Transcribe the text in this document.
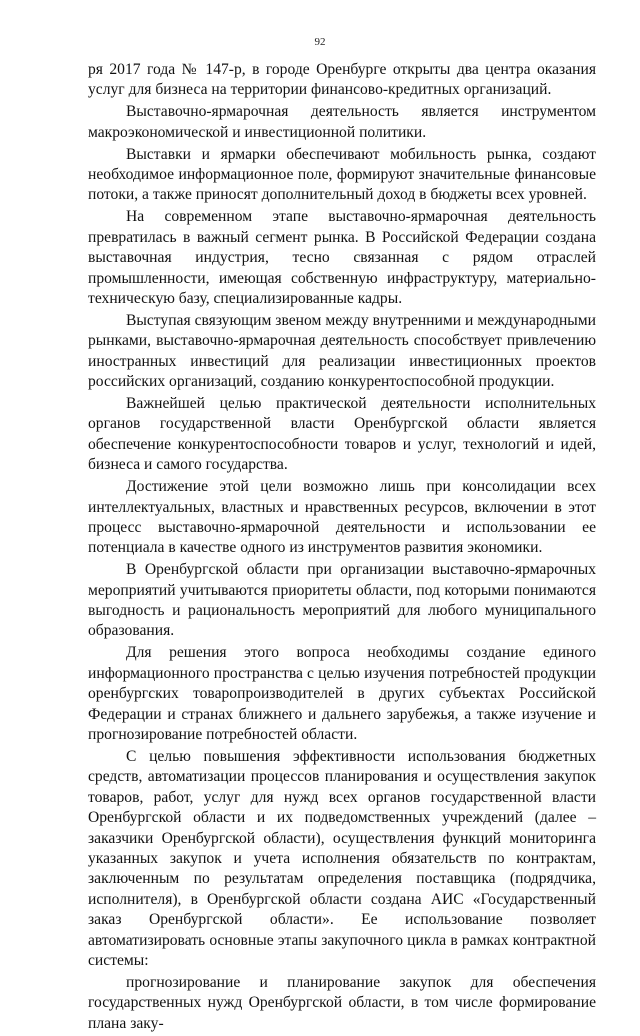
92

ря 2017 года № 147-р, в городе Оренбурге открыты два центра оказания услуг для бизнеса на территории финансово-кредитных организаций.

Выставочно-ярмарочная деятельность является инструментом макроэкономической и инвестиционной политики.

Выставки и ярмарки обеспечивают мобильность рынка, создают необходимое информационное поле, формируют значительные финансовые потоки, а также приносят дополнительный доход в бюджеты всех уровней.

На современном этапе выставочно-ярмарочная деятельность превратилась в важный сегмент рынка. В Российской Федерации создана выставочная индустрия, тесно связанная с рядом отраслей промышленности, имеющая собственную инфраструктуру, материально-техническую базу, специализированные кадры.

Выступая связующим звеном между внутренними и международными рынками, выставочно-ярмарочная деятельность способствует привлечению иностранных инвестиций для реализации инвестиционных проектов российских организаций, созданию конкурентоспособной продукции.

Важнейшей целью практической деятельности исполнительных органов государственной власти Оренбургской области является обеспечение конкурентоспособности товаров и услуг, технологий и идей, бизнеса и самого государства.

Достижение этой цели возможно лишь при консолидации всех интеллектуальных, властных и нравственных ресурсов, включении в этот процесс выставочно-ярмарочной деятельности и использовании ее потенциала в качестве одного из инструментов развития экономики.

В Оренбургской области при организации выставочно-ярмарочных мероприятий учитываются приоритеты области, под которыми понимаются выгодность и рациональность мероприятий для любого муниципального образования.

Для решения этого вопроса необходимы создание единого информационного пространства с целью изучения потребностей продукции оренбургских товаропроизводителей в других субъектах Российской Федерации и странах ближнего и дальнего зарубежья, а также изучение и прогнозирование потребностей области.

С целью повышения эффективности использования бюджетных средств, автоматизации процессов планирования и осуществления закупок товаров, работ, услуг для нужд всех органов государственной власти Оренбургской области и их подведомственных учреждений (далее – заказчики Оренбургской области), осуществления функций мониторинга указанных закупок и учета исполнения обязательств по контрактам, заключенным по результатам определения поставщика (подрядчика, исполнителя), в Оренбургской области создана АИС «Государственный заказ Оренбургской области». Ее использование позволяет автоматизировать основные этапы закупочного цикла в рамках контрактной системы:

прогнозирование и планирование закупок для обеспечения государственных нужд Оренбургской области, в том числе формирование плана заку-
